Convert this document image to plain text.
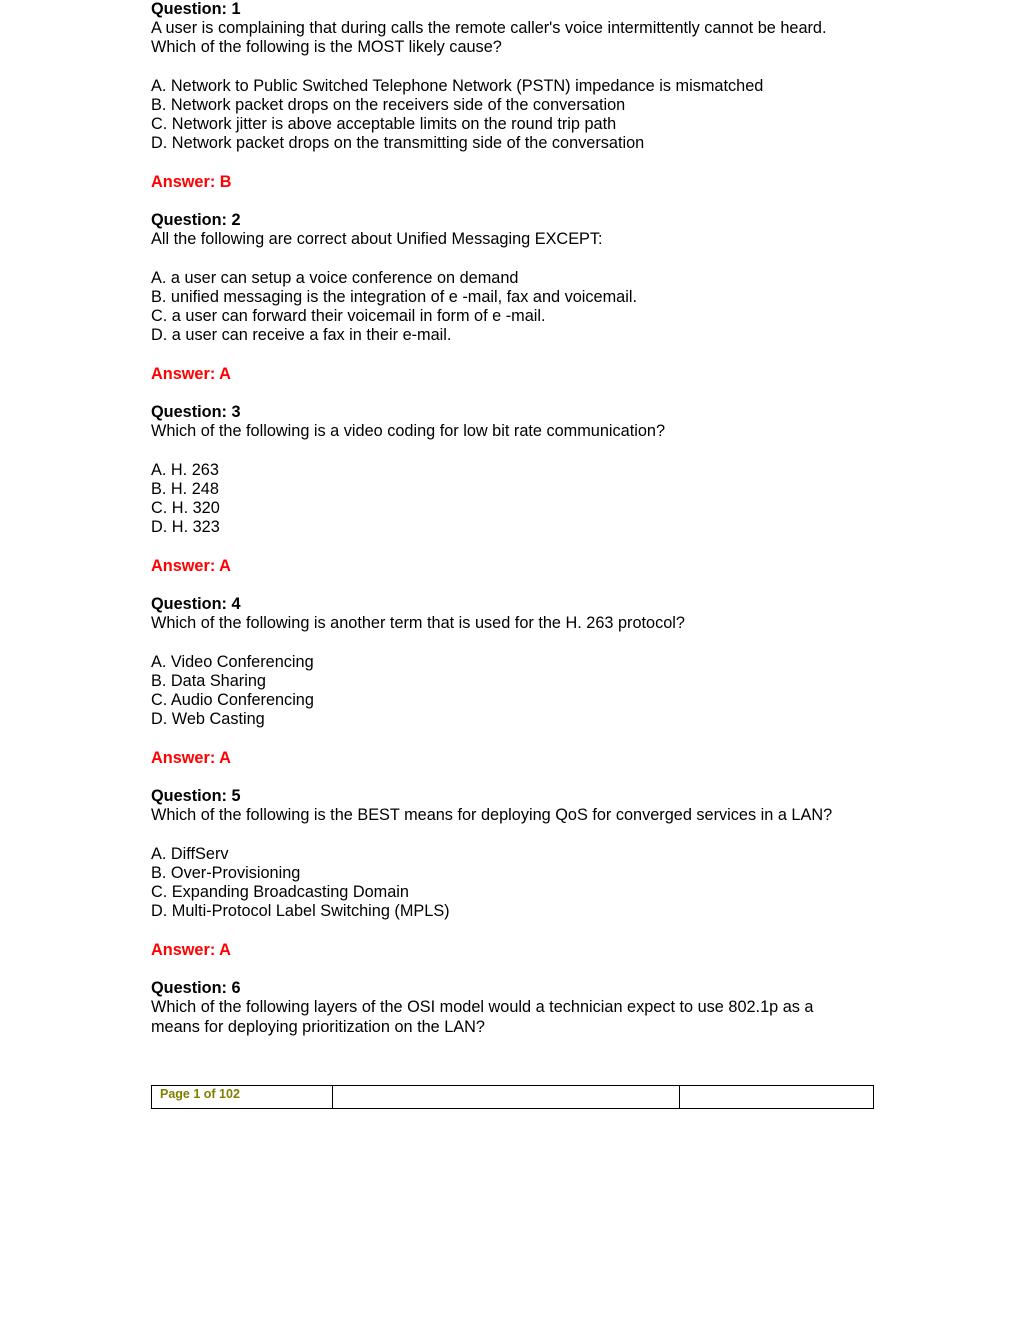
Question: 1
A user is complaining that during calls the remote caller's voice intermittently cannot be heard.
Which of the following is the MOST likely cause?
A. Network to Public Switched Telephone Network (PSTN) impedance is mismatched
B. Network packet drops on the receivers side of the conversation
C. Network jitter is above acceptable limits on the round trip path
D. Network packet drops on the transmitting side of the conversation
Answer: B
Question: 2
All the following are correct about Unified Messaging EXCEPT:
A. a user can setup a voice conference on demand
B. unified messaging is the integration of e -mail, fax and voicemail.
C. a user can forward their voicemail in form of e -mail.
D. a user can receive a fax in their e-mail.
Answer: A
Question: 3
Which of the following is a video coding for low bit rate communication?
A. H. 263
B. H. 248
C. H. 320
D. H. 323
Answer: A
Question: 4
Which of the following is another term that is used for the H. 263 protocol?
A. Video Conferencing
B. Data Sharing
C. Audio Conferencing
D. Web Casting
Answer: A
Question: 5
Which of the following is the BEST means for deploying QoS for converged services in a LAN?
A. DiffServ
B. Over-Provisioning
C. Expanding Broadcasting Domain
D. Multi-Protocol Label Switching (MPLS)
Answer: A
Question: 6
Which of the following layers of the OSI model would a technician expect to use 802.1p as a
means for deploying prioritization on the LAN?
Page 1 of 102
